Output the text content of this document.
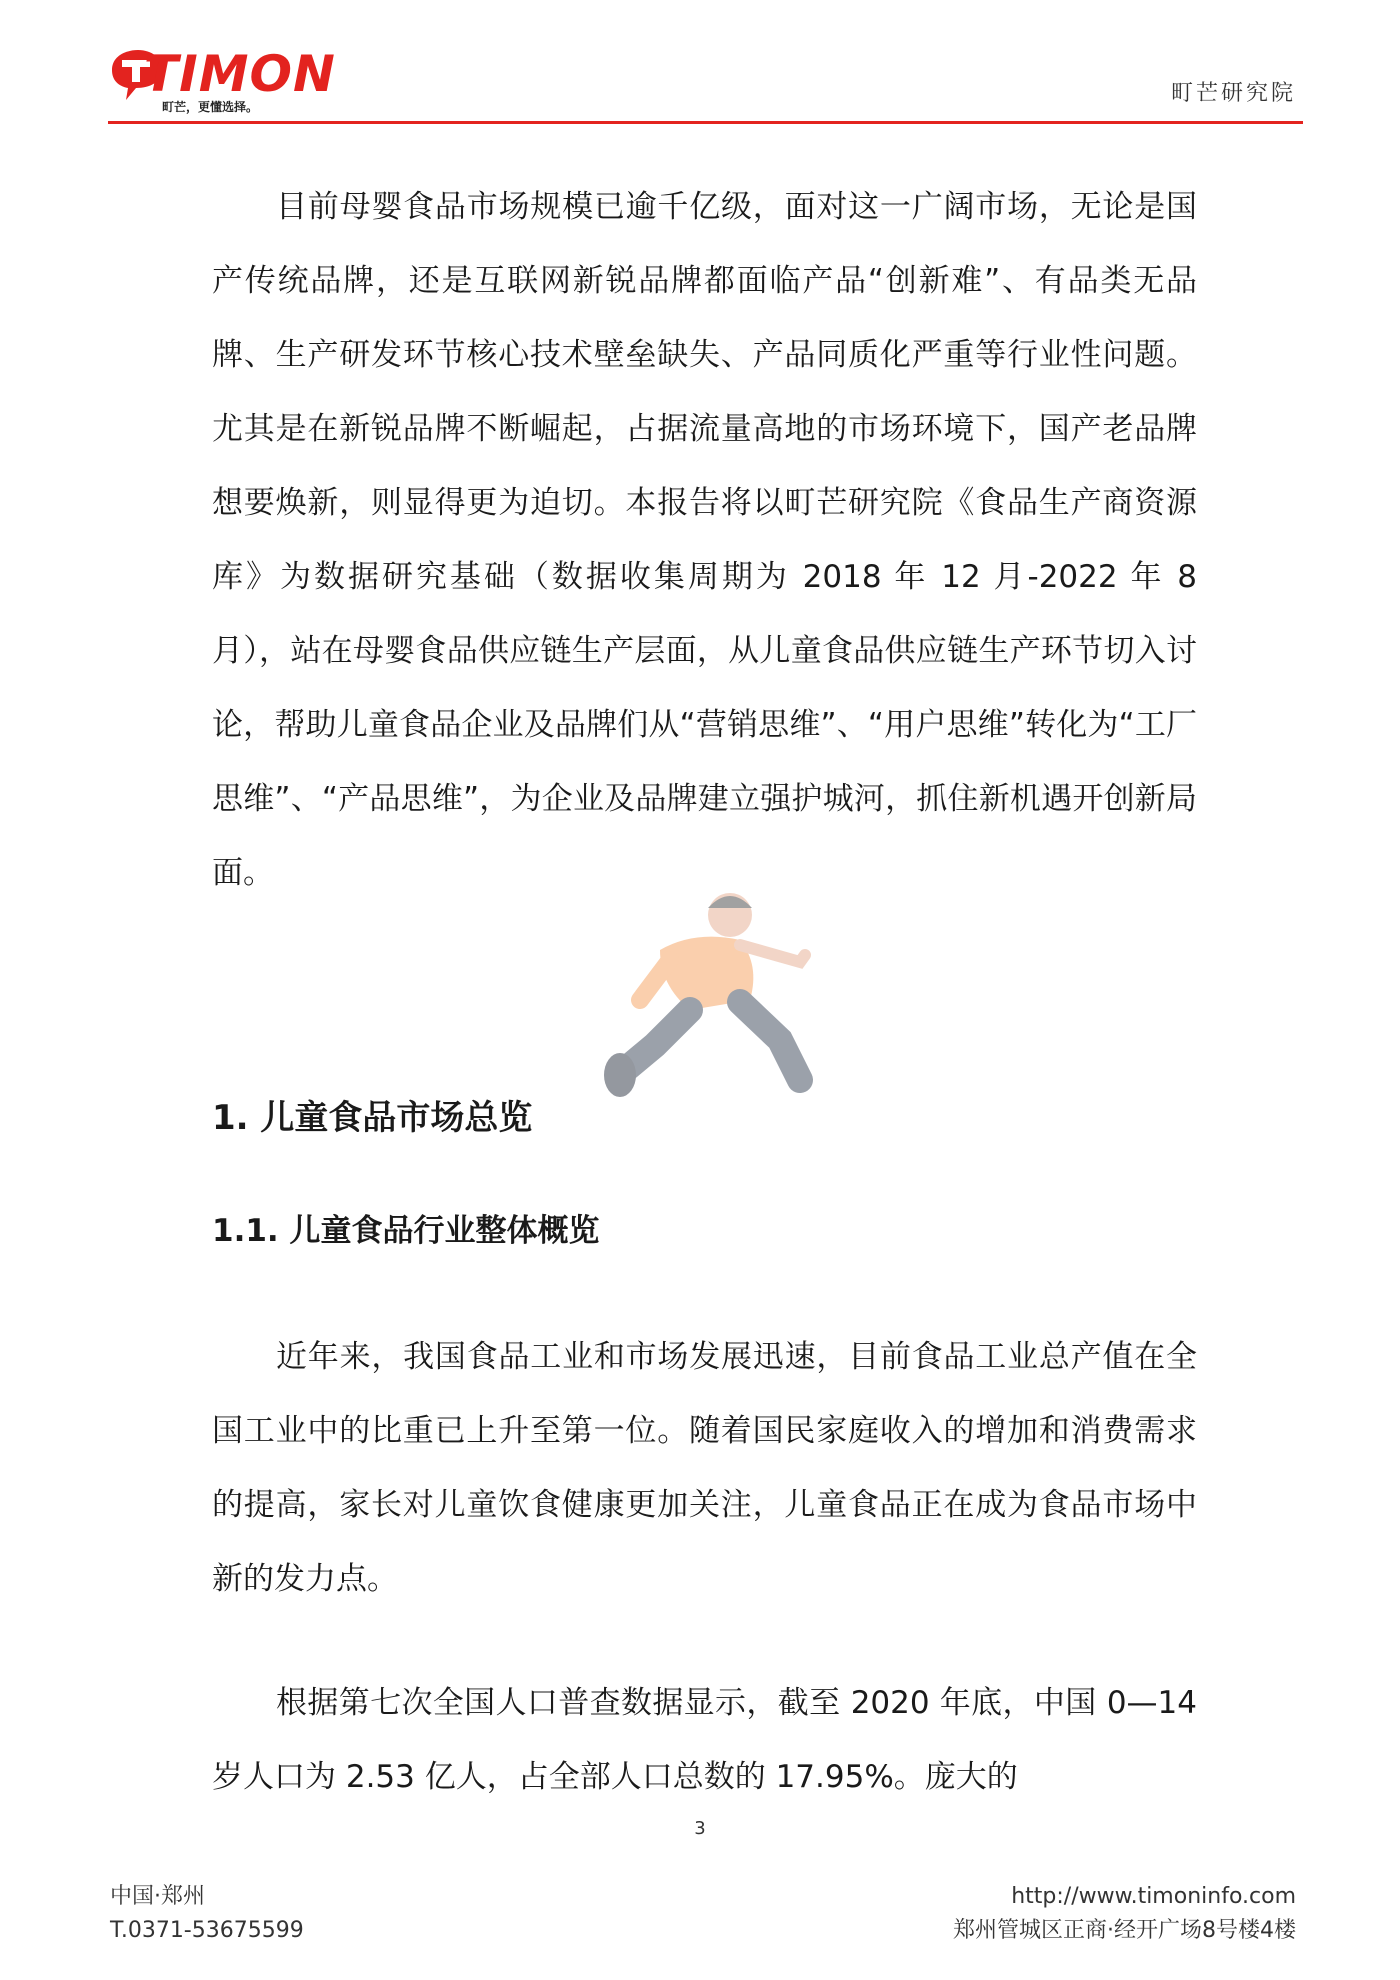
TIMON
町芒，更懂选择。
町芒研究院

目前母婴食品市场规模已逾千亿级，面对这一广阔市场，无论是国产传统品牌，还是互联网新锐品牌都面临产品“创新难”、有品类无品牌、生产研发环节核心技术壁垒缺失、产品同质化严重等行业性问题。尤其是在新锐品牌不断崛起，占据流量高地的市场环境下，国产老品牌想要焕新，则显得更为迫切。本报告将以町芒研究院《食品生产商资源库》为数据研究基础（数据收集周期为 2018 年 12 月-2022 年 8 月），站在母婴食品供应链生产层面，从儿童食品供应链生产环节切入讨论，帮助儿童食品企业及品牌们从“营销思维”、“用户思维”转化为“工厂思维”、“产品思维”，为企业及品牌建立强护城河，抓住新机遇开创新局面。

1. 儿童食品市场总览
1.1. 儿童食品行业整体概览

近年来，我国食品工业和市场发展迅速，目前食品工业总产值在全国工业中的比重已上升至第一位。随着国民家庭收入的增加和消费需求的提高，家长对儿童饮食健康更加关注，儿童食品正在成为食品市场中新的发力点。

根据第七次全国人口普查数据显示，截至 2020 年底，中国 0—14 岁人口为 2.53 亿人，占全部人口总数的 17.95%。庞大的

3
中国·郑州
T.0371-53675599
http://www.timoninfo.com
郑州管城区正商·经开广场8号楼4楼
